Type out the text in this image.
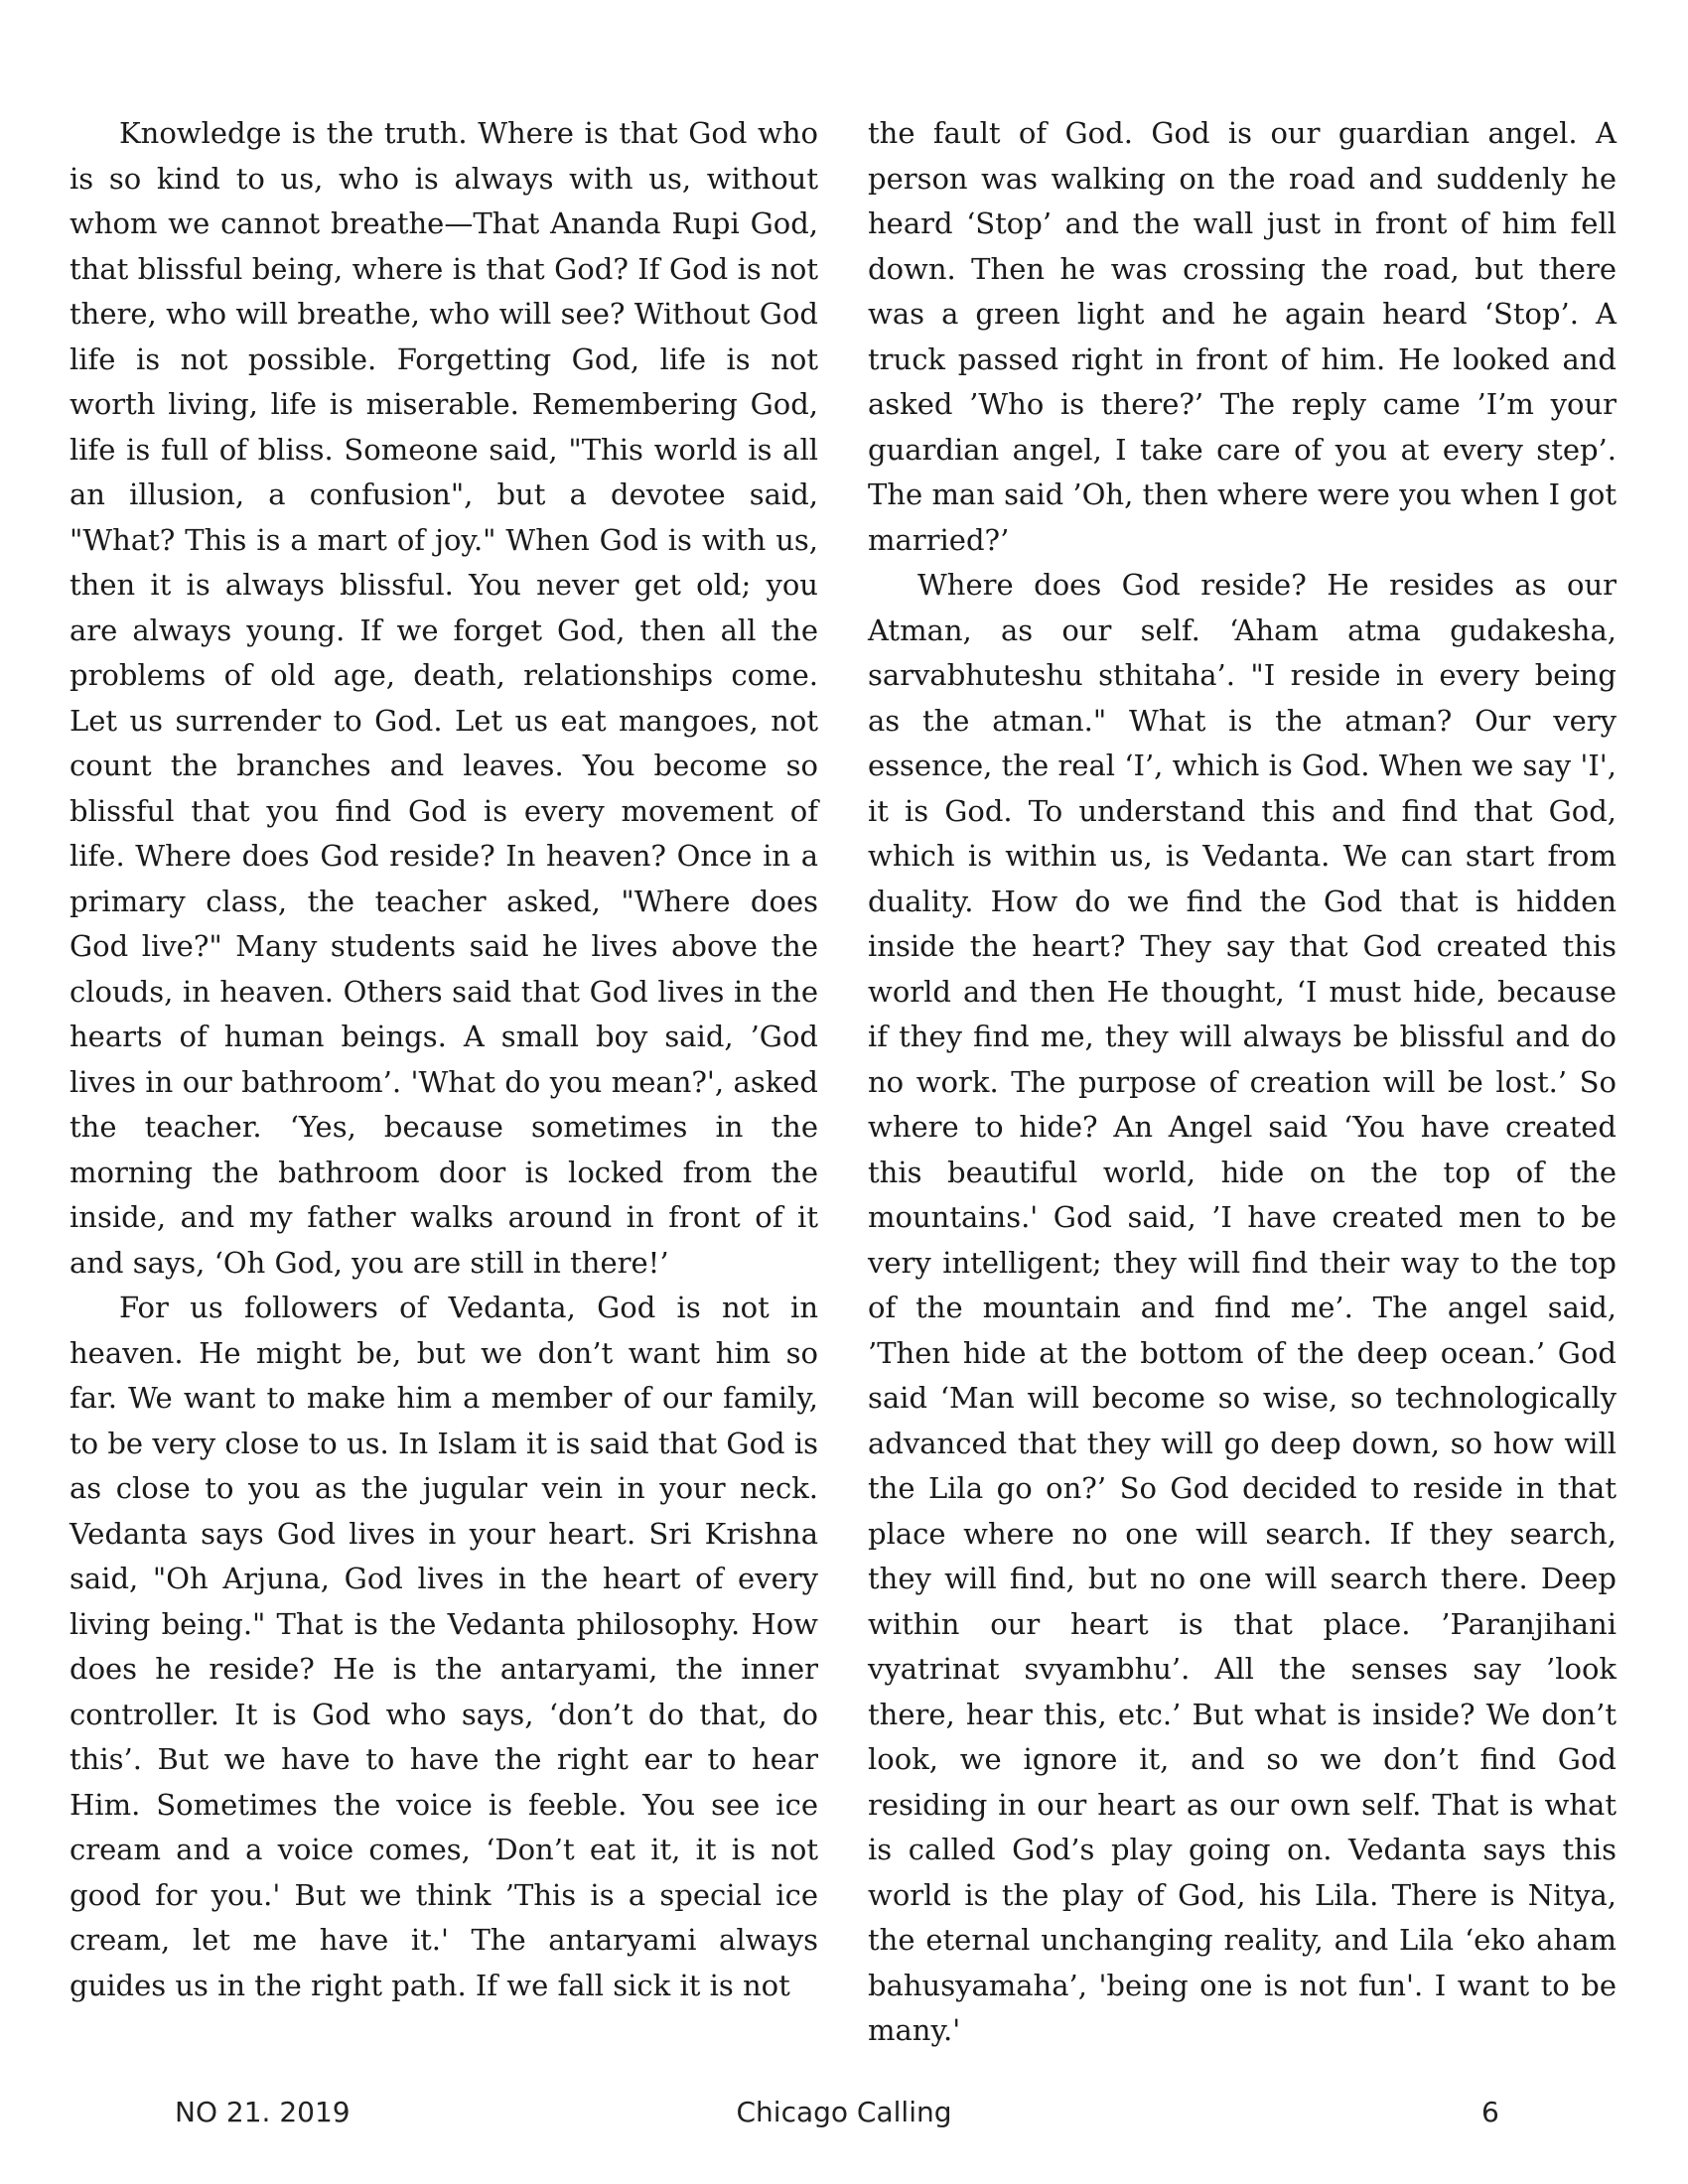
Knowledge is the truth. Where is that God who is so kind to us, who is always with us, without whom we cannot breathe—That Ananda Rupi God, that blissful being, where is that God? If God is not there, who will breathe, who will see? Without God life is not possible. Forgetting God, life is not worth living, life is miserable. Remembering God, life is full of bliss. Someone said, "This world is all an illusion, a confusion", but a devotee said, "What? This is a mart of joy." When God is with us, then it is always blissful. You never get old; you are always young. If we forget God, then all the problems of old age, death, relationships come. Let us surrender to God. Let us eat mangoes, not count the branches and leaves. You become so blissful that you find God is every movement of life. Where does God reside? In heaven? Once in a primary class, the teacher asked, "Where does God live?" Many students said he lives above the clouds, in heaven. Others said that God lives in the hearts of human beings. A small boy said, ’God lives in our bathroom’. 'What do you mean?', asked the teacher. ‘Yes, because sometimes in the morning the bathroom door is locked from the inside, and my father walks around in front of it and says, ‘Oh God, you are still in there!’

For us followers of Vedanta, God is not in heaven. He might be, but we don’t want him so far. We want to make him a member of our family, to be very close to us. In Islam it is said that God is as close to you as the jugular vein in your neck. Vedanta says God lives in your heart. Sri Krishna said, "Oh Arjuna, God lives in the heart of every living being." That is the Vedanta philosophy. How does he reside? He is the antaryami, the inner controller. It is God who says, ‘don’t do that, do this’. But we have to have the right ear to hear Him. Sometimes the voice is feeble. You see ice cream and a voice comes, ‘Don’t eat it, it is not good for you.' But we think ’This is a special ice cream, let me have it.' The antaryami always guides us in the right path. If we fall sick it is not

the fault of God. God is our guardian angel. A person was walking on the road and suddenly he heard ‘Stop’ and the wall just in front of him fell down. Then he was crossing the road, but there was a green light and he again heard ‘Stop’. A truck passed right in front of him. He looked and asked ’Who is there?’ The reply came ’I’m your guardian angel, I take care of you at every step’. The man said ’Oh, then where were you when I got married?’

Where does God reside? He resides as our Atman, as our self. ‘Aham atma gudakesha, sarvabhuteshu sthitaha’. "I reside in every being as the atman." What is the atman? Our very essence, the real ‘I’, which is God. When we say 'I', it is God. To understand this and find that God, which is within us, is Vedanta. We can start from duality. How do we find the God that is hidden inside the heart? They say that God created this world and then He thought, ‘I must hide, because if they find me, they will always be blissful and do no work. The purpose of creation will be lost.’ So where to hide? An Angel said ‘You have created this beautiful world, hide on the top of the mountains.' God said, ’I have created men to be very intelligent; they will find their way to the top of the mountain and find me’. The angel said, ’Then hide at the bottom of the deep ocean.’ God said ‘Man will become so wise, so technologically advanced that they will go deep down, so how will the Lila go on?’ So God decided to reside in that place where no one will search. If they search, they will find, but no one will search there. Deep within our heart is that place. ’Paranjihani vyatrinat svyambhu’. All the senses say ’look there, hear this, etc.’ But what is inside? We don’t look, we ignore it, and so we don’t find God residing in our heart as our own self. That is what is called God’s play going on. Vedanta says this world is the play of God, his Lila. There is Nitya, the eternal unchanging reality, and Lila ‘eko aham bahusyamaha’, 'being one is not fun'. I want to be many.'

Chicago Calling
NO 21. 2019	6
